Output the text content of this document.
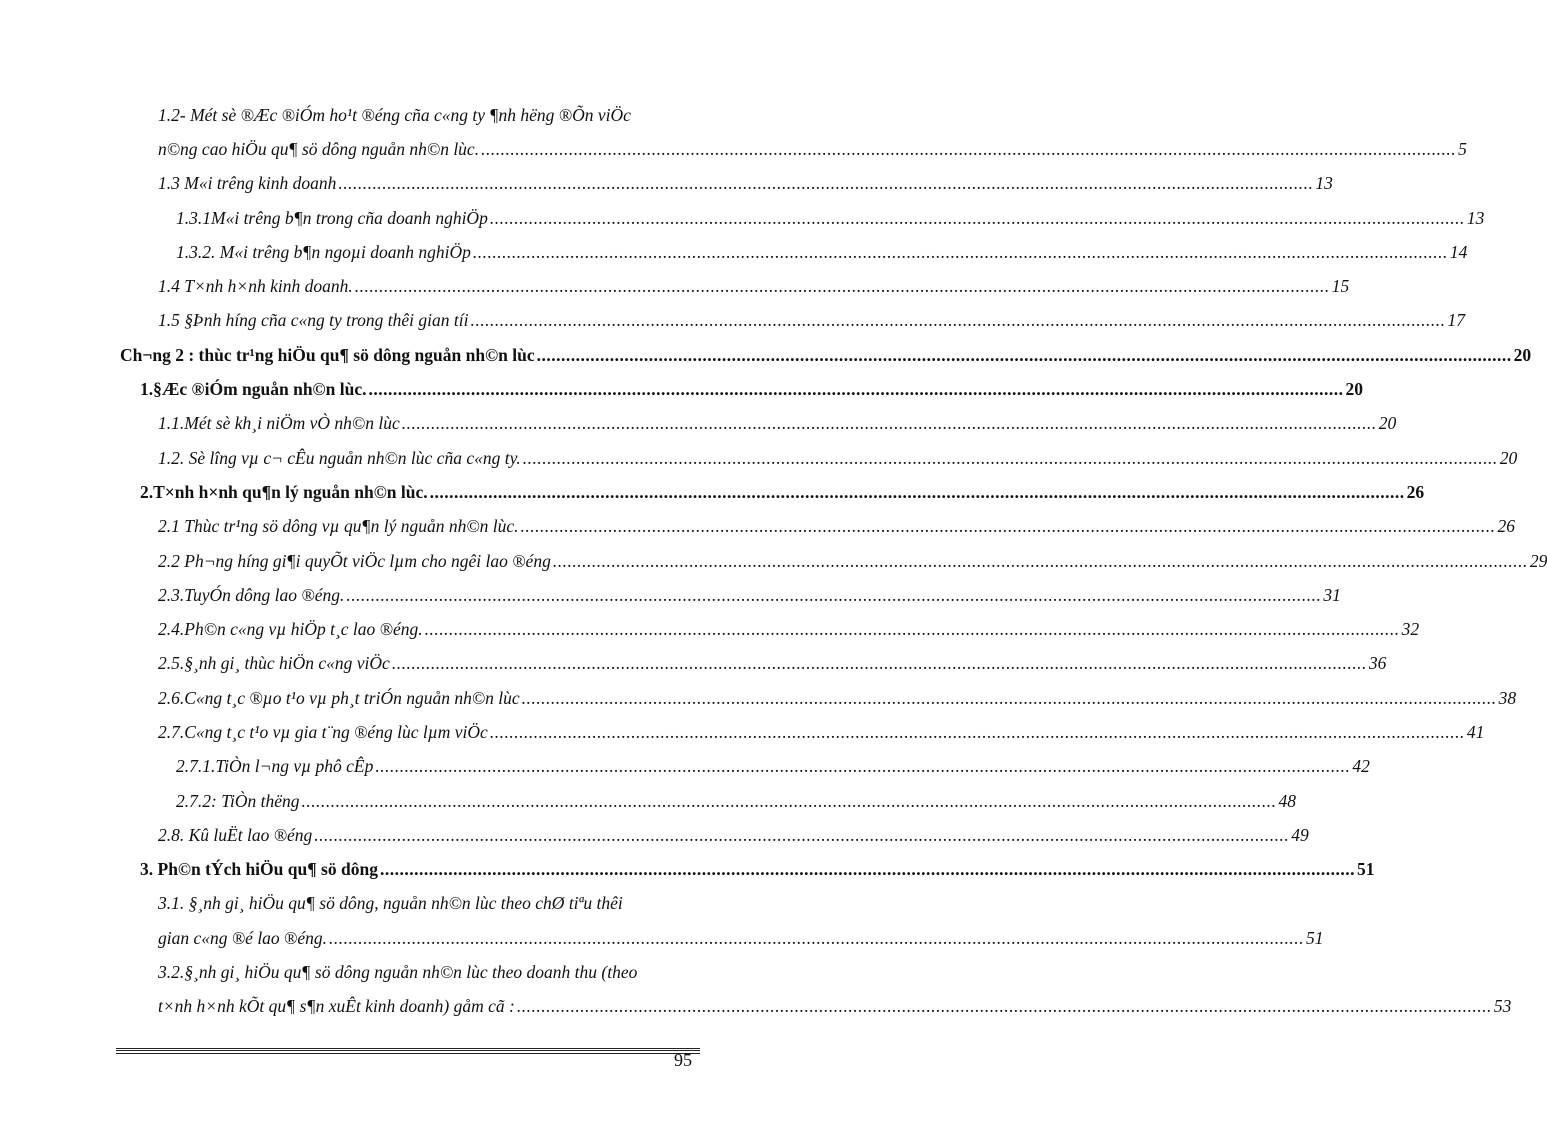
1.2- Mét sè ®Æc ®iÓm ho¹t ®éng cña c«ng ty ¶nh hëng ®Õn viÖc
n©ng cao hiÖu qu¶ sö dông nguån nh©n lùc. ........................................................................................................................................................................................................ 5
1.3 M«i trêng kinh doanh ........................................................................................................................................................................................................ 13
1.3.1M«i trêng b¶n trong cña doanh nghiÖp ........................................................................................................................................................................................................ 13
1.3.2. M«i trêng b¶n ngoµi doanh nghiÖp ........................................................................................................................................................................................................ 14
1.4 T×nh h×nh kinh doanh. ........................................................................................................................................................................................................ 15
1.5 §Þnh híng cña c«ng ty trong thêi gian tíi ........................................................................................................................................................................................................ 17
Ch¬ng 2 : thùc tr¹ng hiÖu qu¶ sö dông nguån nh©n lùc ........................................................................................................................................................................................................ 20
1.§Æc ®iÓm nguån nh©n lùc. ........................................................................................................................................................................................................ 20
1.1.Mét sè kh¸i niÖm vÒ nh©n lùc ........................................................................................................................................................................................................ 20
1.2. Sè lîng vµ c¬ cÊu nguån nh©n lùc cña c«ng ty. ........................................................................................................................................................................................................ 20
2.T×nh h×nh qu¶n lý nguån nh©n lùc. ........................................................................................................................................................................................................ 26
2.1 Thùc tr¹ng sö dông vµ qu¶n lý nguån nh©n lùc. ........................................................................................................................................................................................................ 26
2.2 Ph¬ng híng gi¶i quyÕt viÖc lµm cho ngêi lao ®éng ........................................................................................................................................................................................................ 29
2.3.TuyÓn dông lao ®éng. ........................................................................................................................................................................................................ 31
2.4.Ph©n c«ng vµ hiÖp t¸c lao ®éng. ........................................................................................................................................................................................................ 32
2.5.§¸nh gi¸ thùc hiÖn c«ng viÖc ........................................................................................................................................................................................................ 36
2.6.C«ng t¸c ®µo t¹o vµ ph¸t triÓn nguån nh©n lùc ........................................................................................................................................................................................................ 38
2.7.C«ng t¸c t¹o vµ gia t¨ng ®éng lùc lµm viÖc ........................................................................................................................................................................................................ 41
2.7.1.TiÒn l¬ng vµ phô cÊp ........................................................................................................................................................................................................ 42
2.7.2: TiÒn thëng ........................................................................................................................................................................................................ 48
2.8. Kû luËt lao ®éng ........................................................................................................................................................................................................ 49
3. Ph©n tÝch hiÖu qu¶ sö dông ........................................................................................................................................................................................................ 51
3.1. §¸nh gi¸ hiÖu qu¶ sö dông, nguån nh©n lùc theo chØ tiªu thêi
gian c«ng ®é lao ®éng. ........................................................................................................................................................................................................ 51
3.2.§¸nh gi¸ hiÖu qu¶ sö dông nguån nh©n lùc theo doanh thu (theo
t×nh h×nh kÕt qu¶ s¶n xuÊt kinh doanh) gåm cã : ........................................................................................................................................................................................................ 53
95
